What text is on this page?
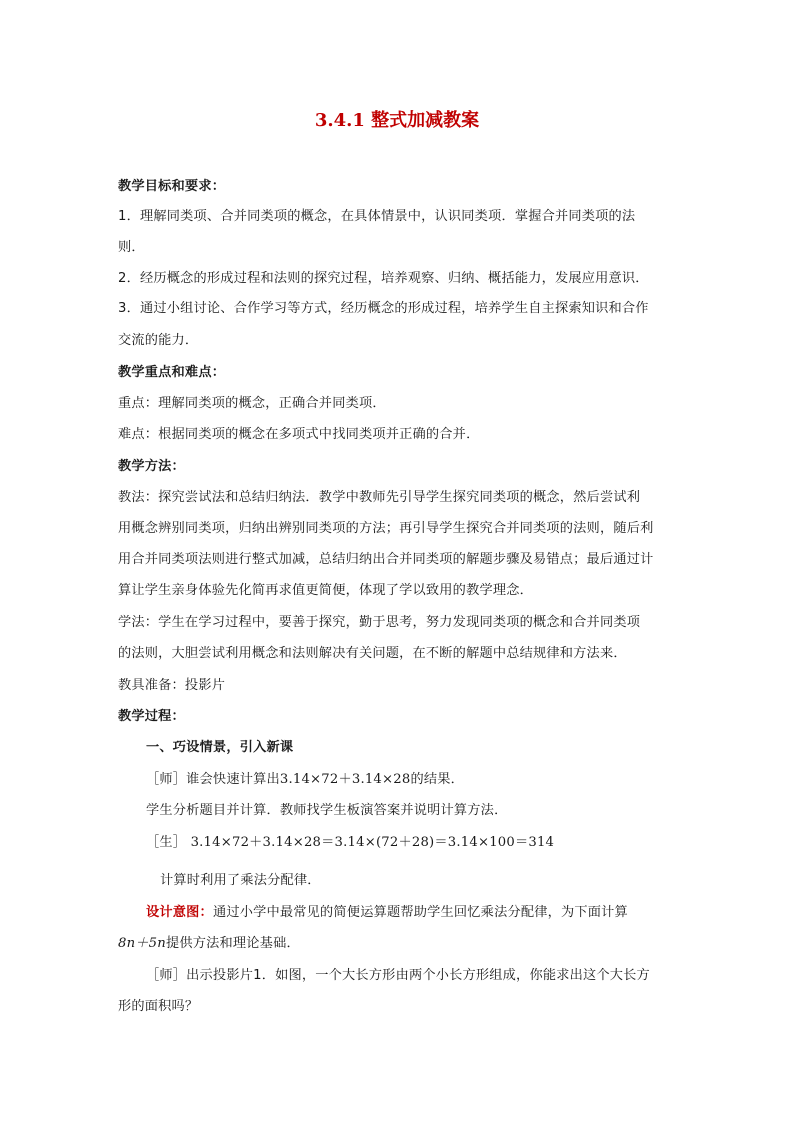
3.4.1 整式加减教案
教学目标和要求：
1．理解同类项、合并同类项的概念，在具体情景中，认识同类项．掌握合并同类项的法
则．
2．经历概念的形成过程和法则的探究过程，培养观察、归纳、概括能力，发展应用意识．
3．通过小组讨论、合作学习等方式，经历概念的形成过程，培养学生自主探索知识和合作
交流的能力．
教学重点和难点：
重点：理解同类项的概念，正确合并同类项．
难点：根据同类项的概念在多项式中找同类项并正确的合并．
教学方法：
教法：探究尝试法和总结归纳法．教学中教师先引导学生探究同类项的概念，然后尝试利
用概念辨别同类项，归纳出辨别同类项的方法；再引导学生探究合并同类项的法则，随后利
用合并同类项法则进行整式加减，总结归纳出合并同类项的解题步骤及易错点；最后通过计
算让学生亲身体验先化简再求值更简便，体现了学以致用的教学理念．
学法：学生在学习过程中，要善于探究，勤于思考，努力发现同类项的概念和合并同类项
的法则，大胆尝试利用概念和法则解决有关问题，在不断的解题中总结规律和方法来．
教具准备：投影片
教学过程：
一、巧设情景，引入新课
［师］谁会快速计算出3.14×72＋3.14×28的结果．
学生分析题目并计算．教师找学生板演答案并说明计算方法．
［生］ 3.14×72＋3.14×28＝3.14×(72＋28)＝3.14×100＝314
计算时利用了乘法分配律．
设计意图：通过小学中最常见的简便运算题帮助学生回忆乘法分配律，为下面计算
8n＋5n提供方法和理论基础．
［师］出示投影片1．如图，一个大长方形由两个小长方形组成，你能求出这个大长方
形的面积吗？
